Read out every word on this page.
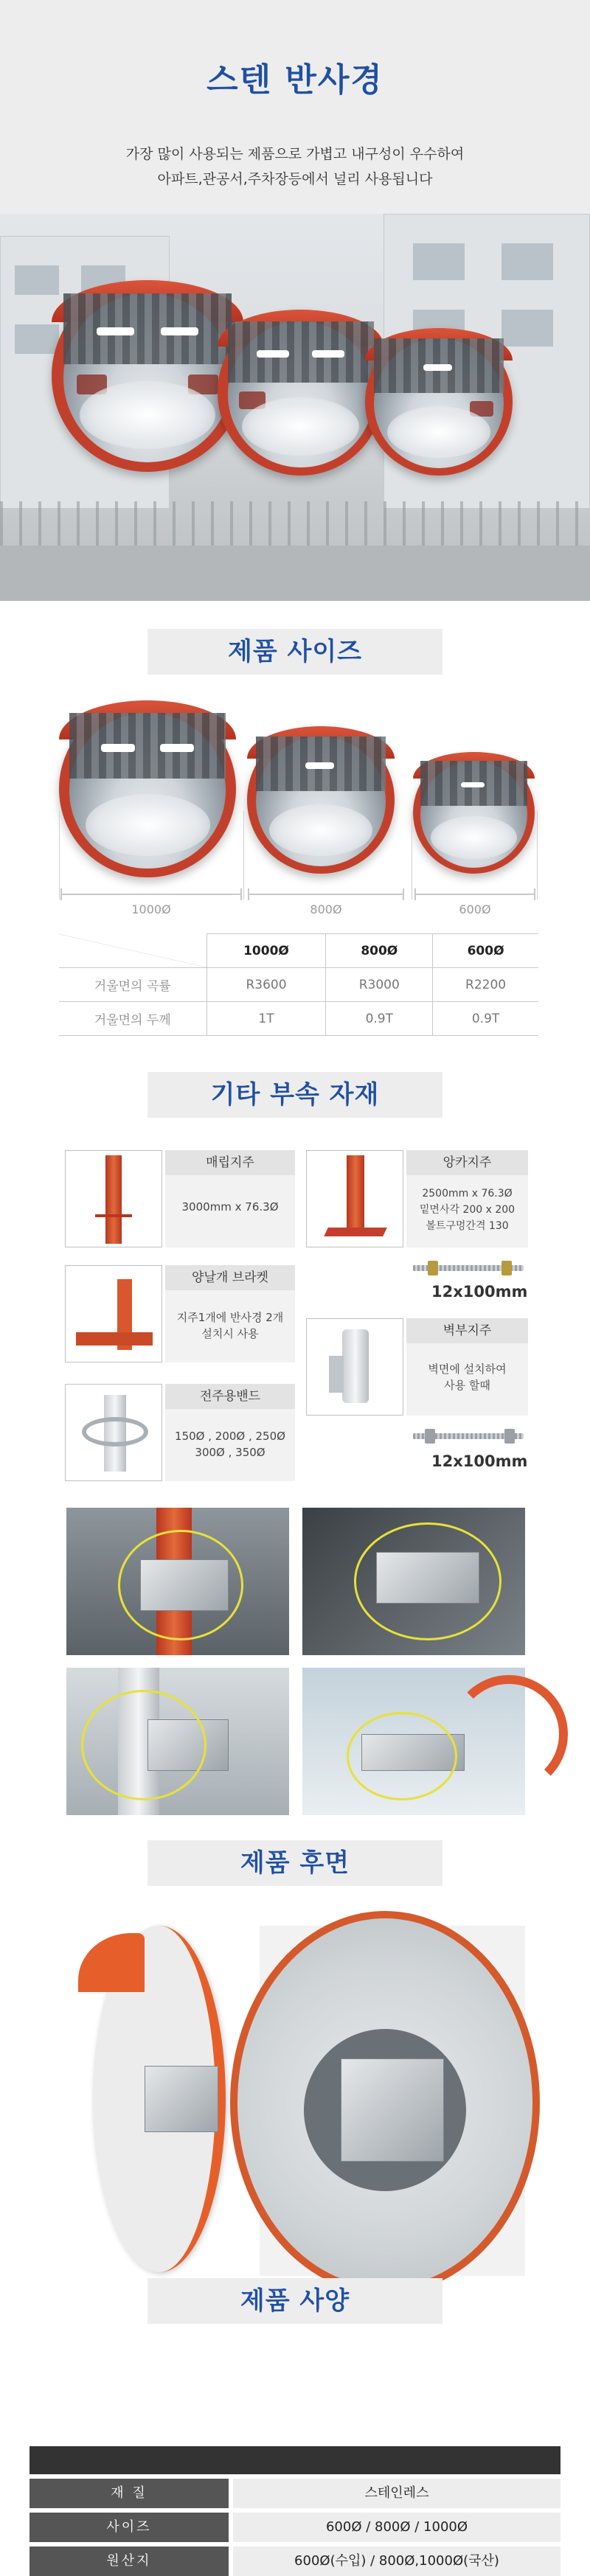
스텐 반사경
가장 많이 사용되는 제품으로 가볍고 내구성이 우수하여
아파트,관공서,주차장등에서 널리 사용됩니다
제품 사이즈
1000Ø	800Ø	600Ø
	1000Ø	800Ø	600Ø
거울면의 곡률	R3600	R3000	R2200
거울면의 두께	1T	0.9T	0.9T
기타 부속 자재
매립지주
3000mm x 76.3Ø
앙카지주
2500mm x 76.3Ø
밑면사각 200 x 200
볼트구멍간격 130
12x100mm
양날개 브라켓
지주1개에 반사경 2개
설치시 사용	벽부지주
벽면에 설치하여
사용 할때
12x100mm
전주용밴드
150Ø , 200Ø , 250Ø
300Ø , 350Ø
제품 후면
제품 사양
재 질	스테인레스
사이즈	600Ø / 800Ø / 1000Ø
원산지	600Ø(수입) / 800Ø,1000Ø(국산)
